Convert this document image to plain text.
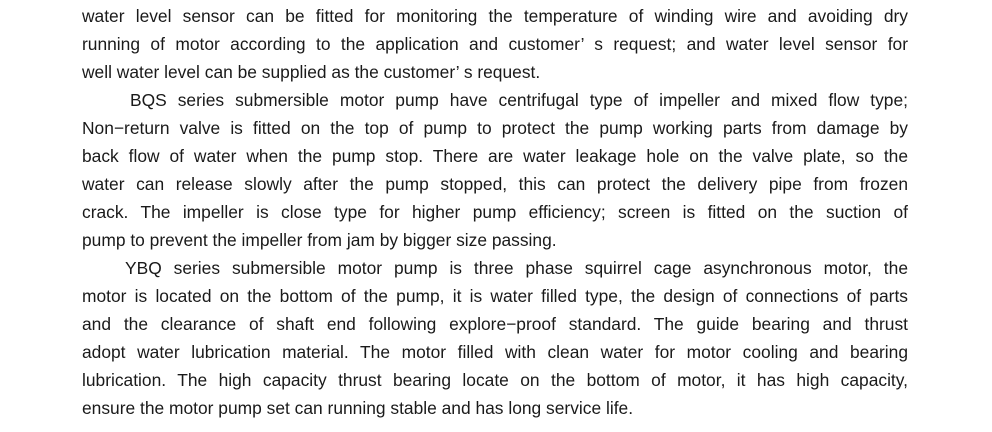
water level sensor can be fitted for monitoring the temperature of winding wire and avoiding dry
running of motor according to the application and customer’ s request; and water level sensor for
well water level can be supplied as the customer’ s request.
BQS series submersible motor pump have centrifugal type of impeller and mixed flow type;
Non−return valve is fitted on the top of pump to protect the pump working parts from damage by
back flow of water when the pump stop. There are water leakage hole on the valve plate, so the
water can release slowly after the pump stopped, this can protect the delivery pipe from frozen
crack. The impeller is close type for higher pump efficiency; screen is fitted on the suction of
pump to prevent the impeller from jam by bigger size passing.
YBQ series submersible motor pump is three phase squirrel cage asynchronous motor, the
motor is located on the bottom of the pump, it is water filled type, the design of connections of parts
and the clearance of shaft end following explore−proof standard. The guide bearing and thrust
adopt water lubrication material. The motor filled with clean water for motor cooling and bearing
lubrication. The high capacity thrust bearing locate on the bottom of motor, it has high capacity,
ensure the motor pump set can running stable and has long service life.
